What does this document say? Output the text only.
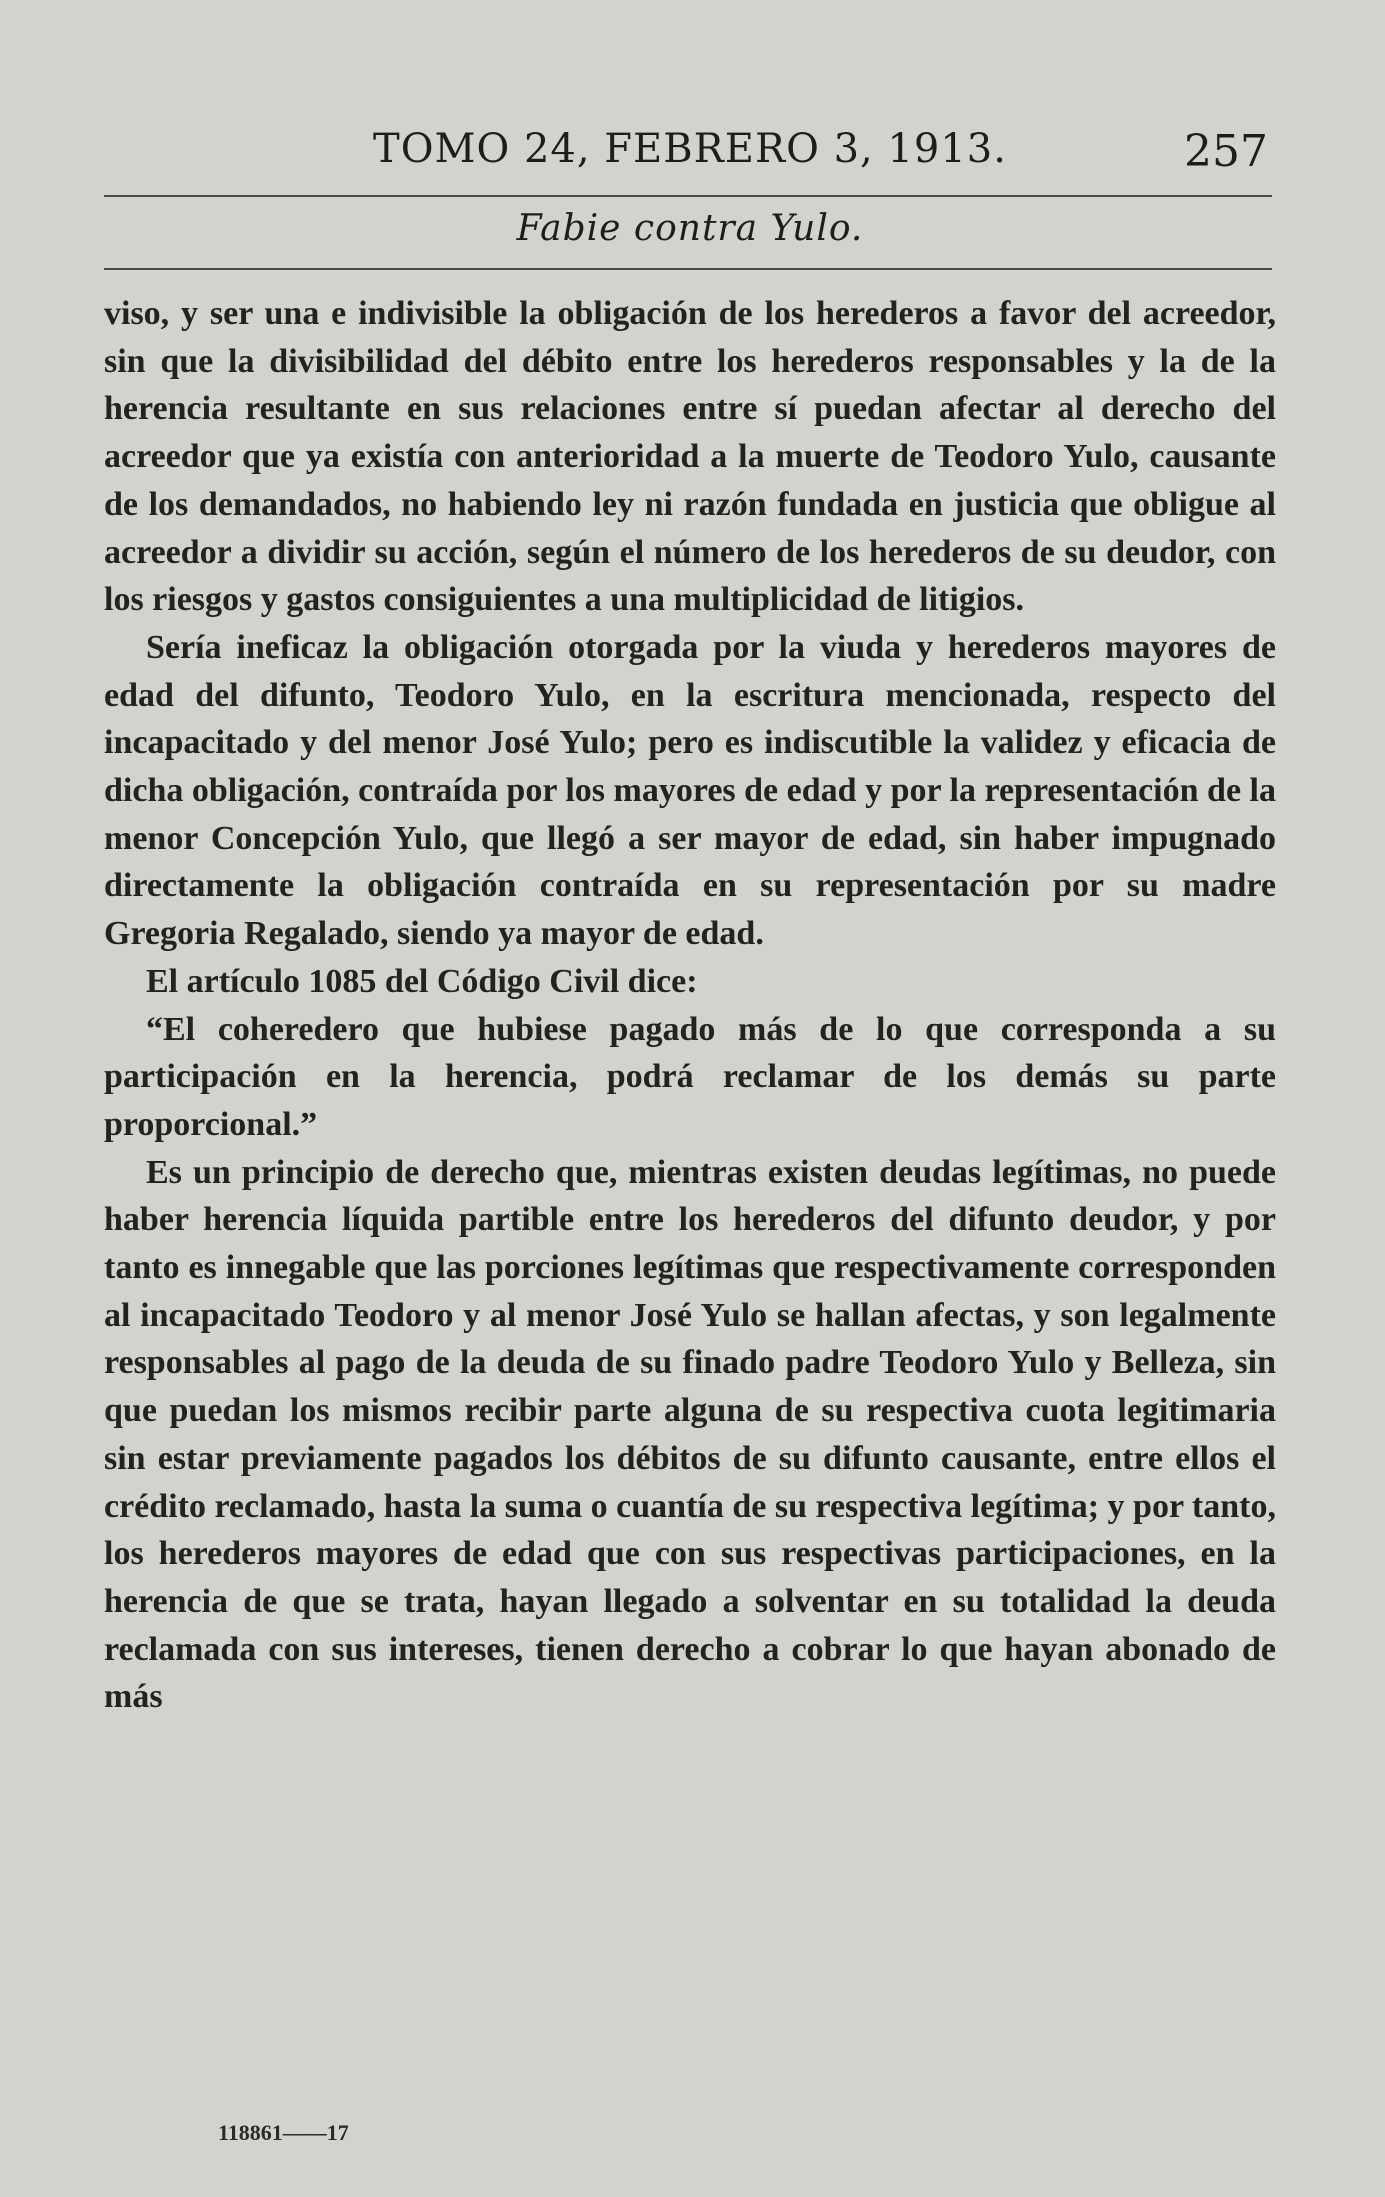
TOMO 24, FEBRERO 3, 1913.	257
Fabie contra Yulo.

viso, y ser una e indivisible la obligación de los herederos a favor del acreedor, sin que la divisibilidad del débito entre los herederos responsables y la de la herencia resultante en sus relaciones entre sí puedan afectar al derecho del acreedor que ya existía con anterioridad a la muerte de Teodoro Yulo, causante de los demandados, no habiendo ley ni razón fundada en justicia que obligue al acreedor a dividir su acción, según el número de los herederos de su deudor, con los riesgos y gastos consiguientes a una multiplicidad de litigios.

Sería ineficaz la obligación otorgada por la viuda y herederos mayores de edad del difunto, Teodoro Yulo, en la escritura mencionada, respecto del incapacitado y del menor José Yulo; pero es indiscutible la validez y eficacia de dicha obligación, contraída por los mayores de edad y por la representación de la menor Concepción Yulo, que llegó a ser mayor de edad, sin haber impugnado directamente la obligación contraída en su representación por su madre Gregoria Regalado, siendo ya mayor de edad.

El artículo 1085 del Código Civil dice:

“El coheredero que hubiese pagado más de lo que corresponda a su participación en la herencia, podrá reclamar de los demás su parte proporcional.”

Es un principio de derecho que, mientras existen deudas legítimas, no puede haber herencia líquida partible entre los herederos del difunto deudor, y por tanto es innegable que las porciones legítimas que respectivamente corresponden al incapacitado Teodoro y al menor José Yulo se hallan afectas, y son legalmente responsables al pago de la deuda de su finado padre Teodoro Yulo y Belleza, sin que puedan los mismos recibir parte alguna de su respectiva cuota legitimaria sin estar previamente pagados los débitos de su difunto causante, entre ellos el crédito reclamado, hasta la suma o cuantía de su respectiva legítima; y por tanto, los herederos mayores de edad que con sus respectivas participaciones, en la herencia de que se trata, hayan llegado a solventar en su totalidad la deuda reclamada con sus intereses, tienen derecho a cobrar lo que hayan abonado de más

118861——17
